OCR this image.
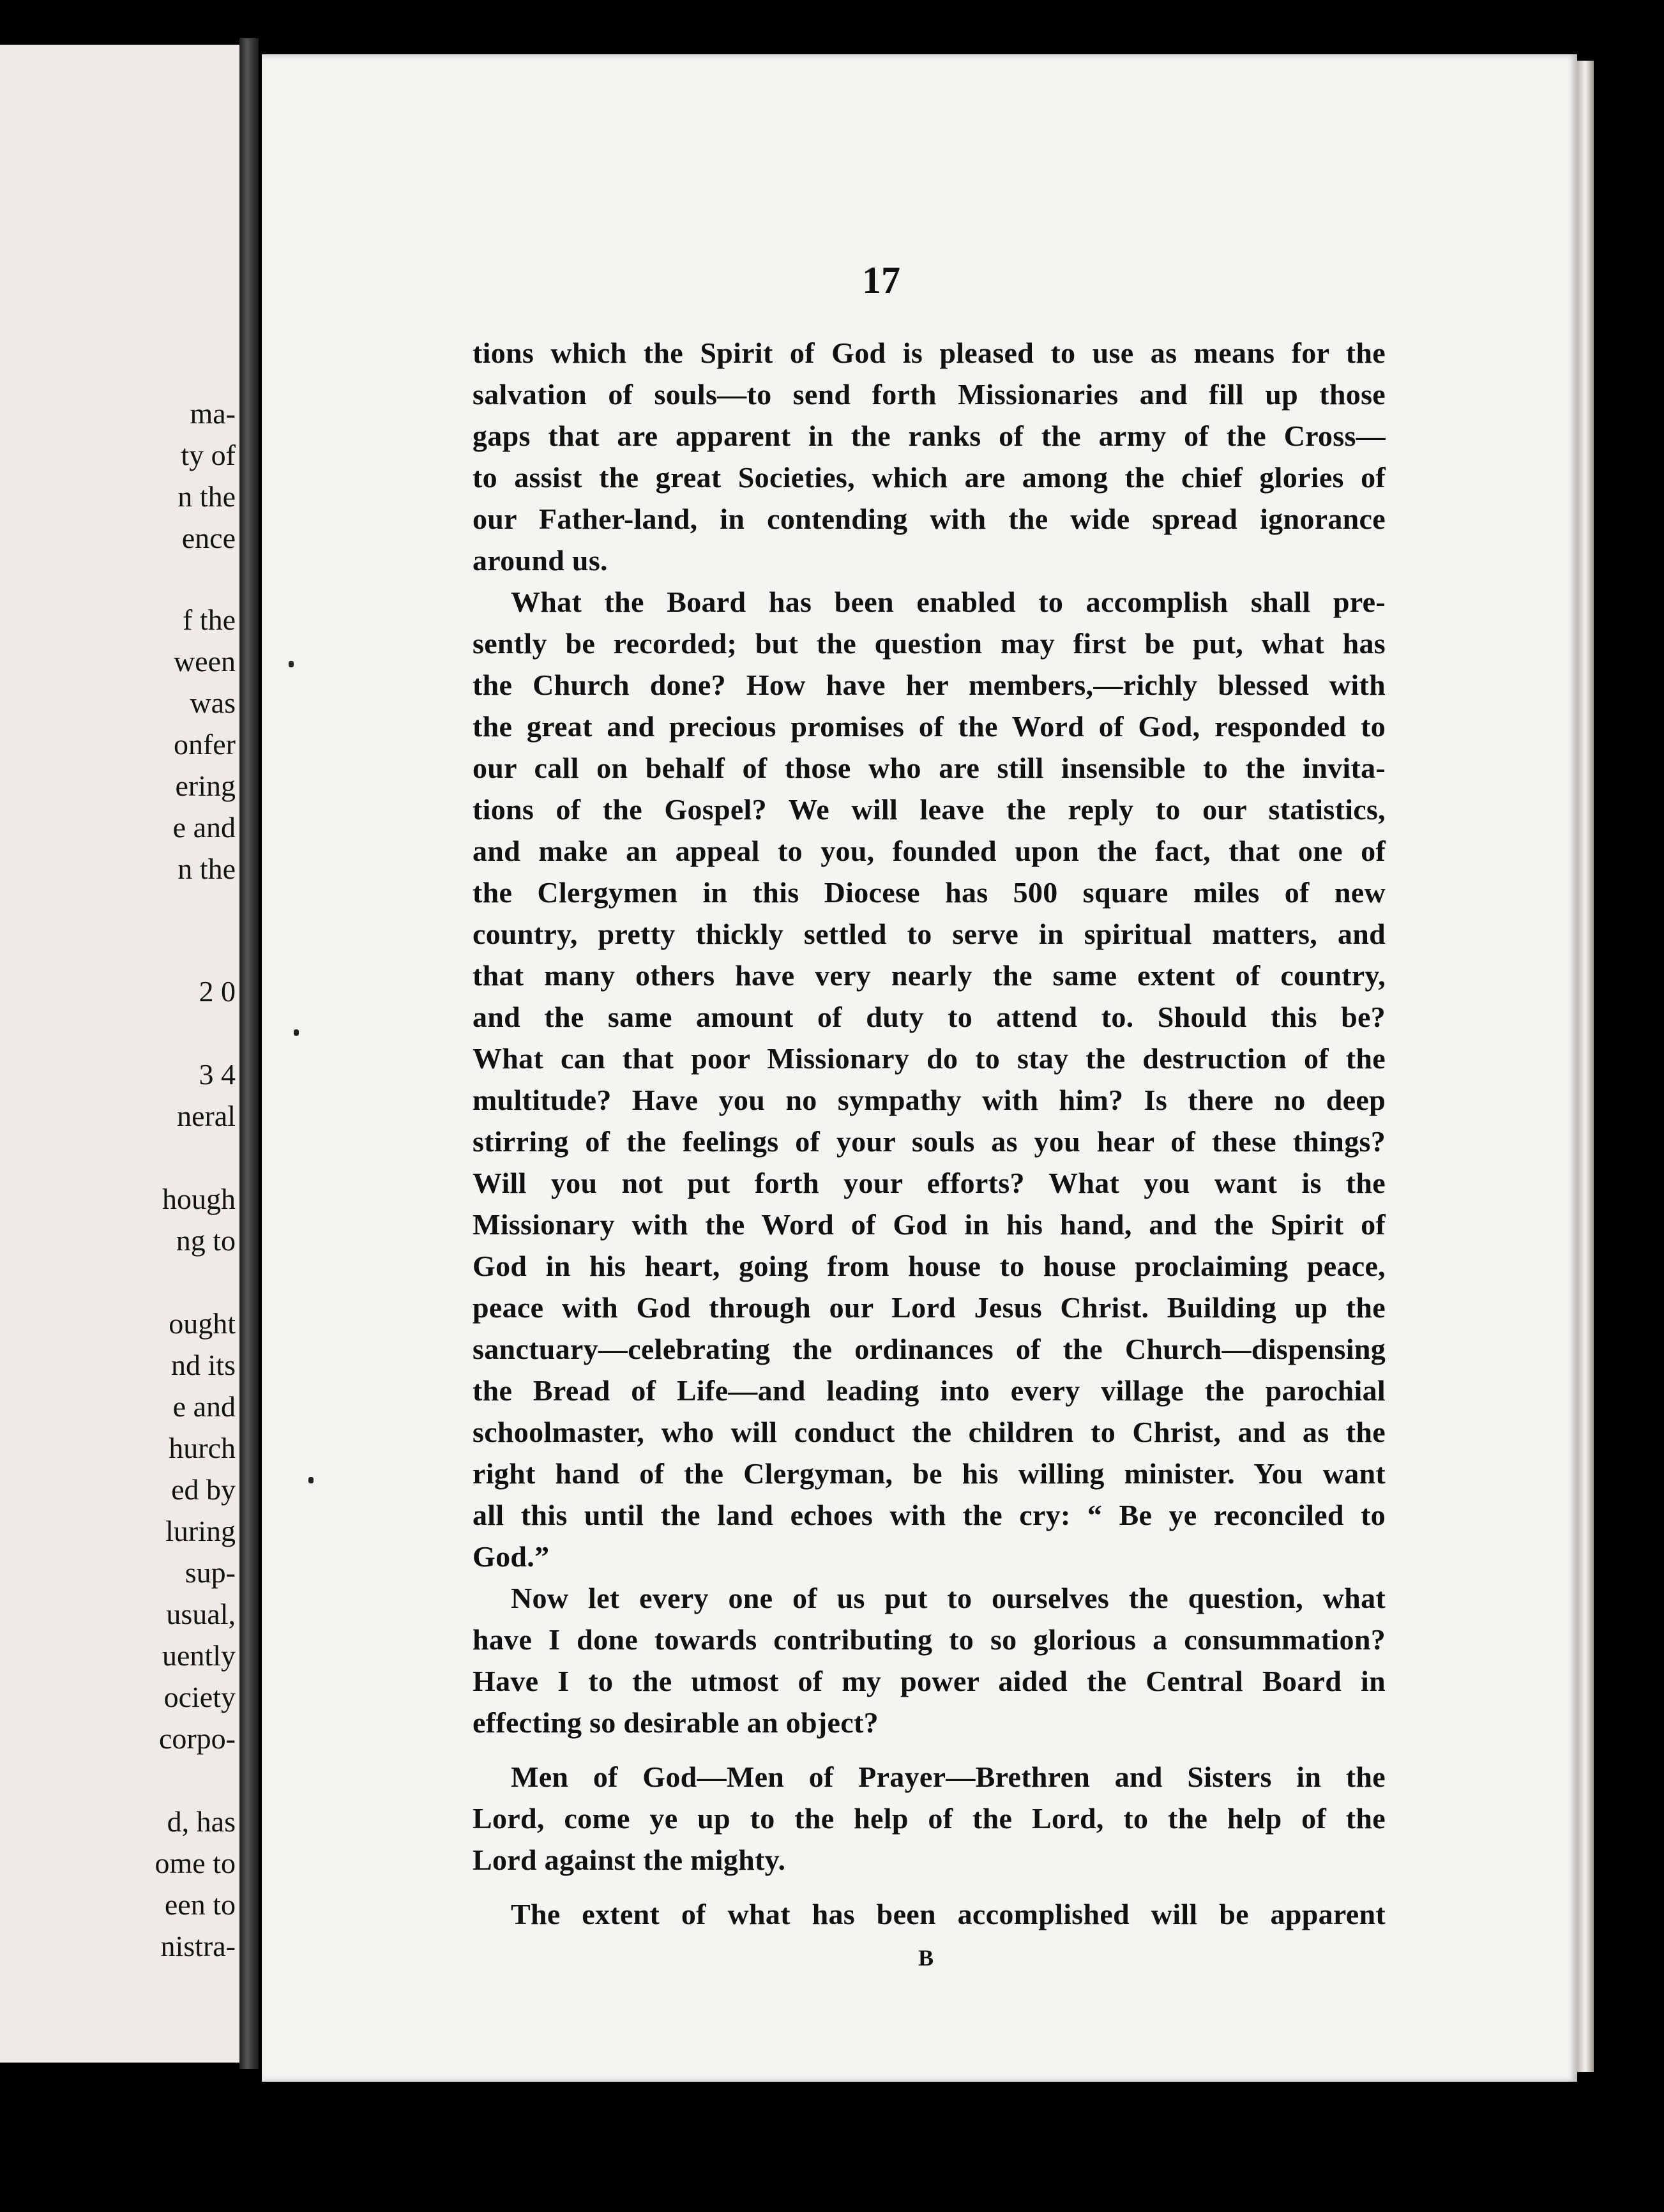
ma-
ty of
n the
ence
f the
ween
was
onfer
ering
e and
n the
2 0
3 4
neral
hough
ng to
ought
nd its
e and
hurch
ed by
luring
sup-
usual,
uently
ociety
corpo-
d, has
ome to
een to
nistra-
17
tions which the Spirit of God is pleased to use as means for the
salvation of souls—to send forth Missionaries and fill up those
gaps that are apparent in the ranks of the army of the Cross—
to assist the great Societies, which are among the chief glories of
our Father-land, in contending with the wide spread ignorance
around us.
What the Board has been enabled to accomplish shall pre-
sently be recorded; but the question may first be put, what has
the Church done? How have her members,—richly blessed with
the great and precious promises of the Word of God, responded to
our call on behalf of those who are still insensible to the invita-
tions of the Gospel? We will leave the reply to our statistics,
and make an appeal to you, founded upon the fact, that one of
the Clergymen in this Diocese has 500 square miles of new
country, pretty thickly settled to serve in spiritual matters, and
that many others have very nearly the same extent of country,
and the same amount of duty to attend to. Should this be?
What can that poor Missionary do to stay the destruction of the
multitude? Have you no sympathy with him? Is there no deep
stirring of the feelings of your souls as you hear of these things?
Will you not put forth your efforts? What you want is the
Missionary with the Word of God in his hand, and the Spirit of
God in his heart, going from house to house proclaiming peace,
peace with God through our Lord Jesus Christ. Building up the
sanctuary—celebrating the ordinances of the Church—dispensing
the Bread of Life—and leading into every village the parochial
schoolmaster, who will conduct the children to Christ, and as the
right hand of the Clergyman, be his willing minister. You want
all this until the land echoes with the cry: “ Be ye reconciled to
God.”
Now let every one of us put to ourselves the question, what
have I done towards contributing to so glorious a consummation?
Have I to the utmost of my power aided the Central Board in
effecting so desirable an object?
Men of God—Men of Prayer—Brethren and Sisters in the
Lord, come ye up to the help of the Lord, to the help of the
Lord against the mighty.
The extent of what has been accomplished will be apparent
B
